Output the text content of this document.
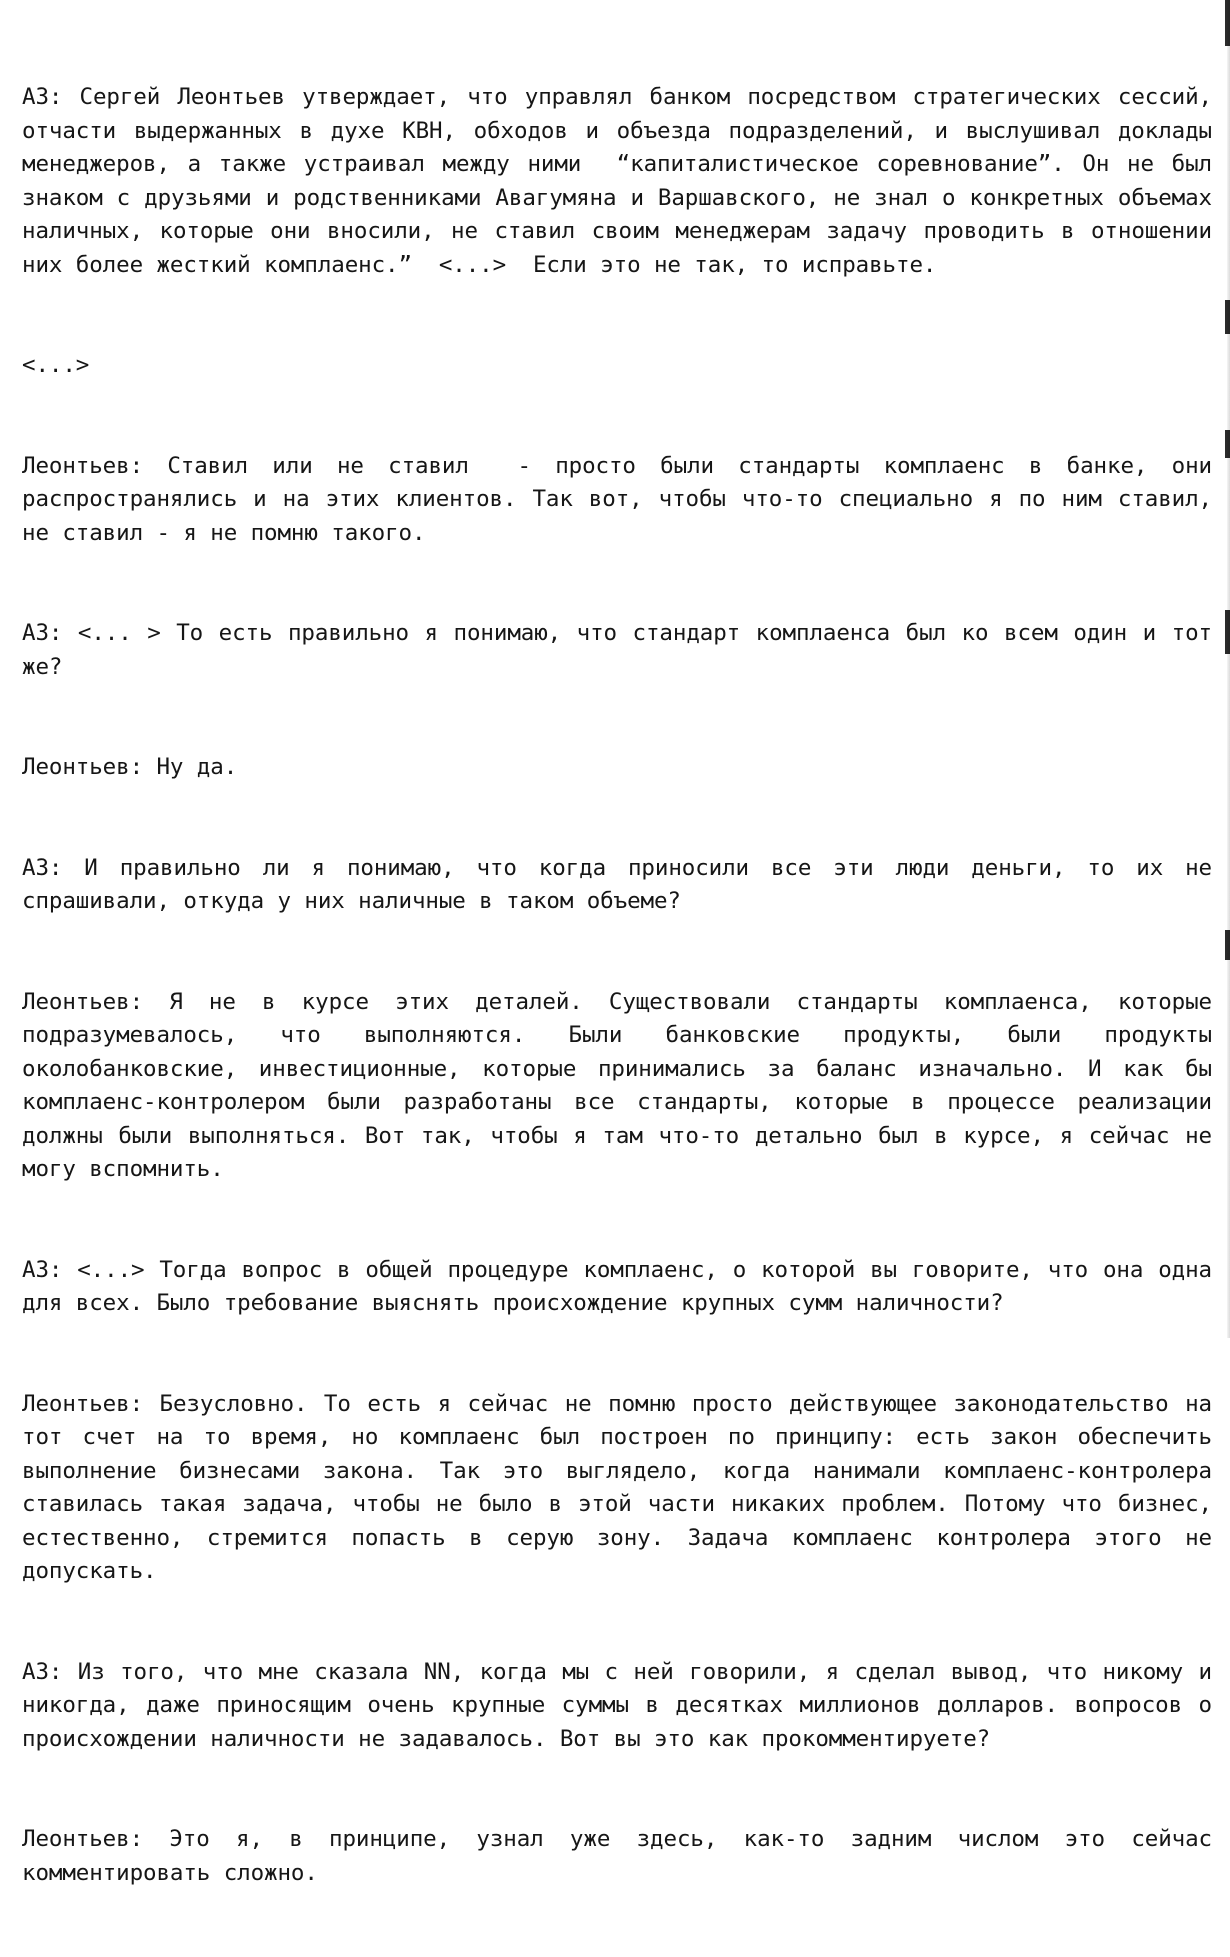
АЗ: Сергей Леонтьев утверждает, что управлял банком посредством стратегических сессий, отчасти выдержанных в духе КВН, обходов и объезда подразделений, и выслушивал доклады менеджеров, а также устраивал между ними  “капиталистическое соревнование”. Он не был знаком с друзьями и родственниками Авагумяна и Варшавского, не знал о конкретных объемах наличных, которые они вносили, не ставил своим менеджерам задачу проводить в отношении них более жесткий комплаенс.”  <...>  Если это не так, то исправьте.

<...>

Леонтьев: Ставил или не ставил  - просто были стандарты комплаенс в банке, они распространялись и на этих клиентов. Так вот, чтобы что-то специально я по ним ставил, не ставил - я не помню такого.

АЗ: <... > То есть правильно я понимаю, что стандарт комплаенса был ко всем один и тот же?

Леонтьев: Ну да.

АЗ: И правильно ли я понимаю, что когда приносили все эти люди деньги, то их не спрашивали, откуда у них наличные в таком объеме?

Леонтьев: Я не в курсе этих деталей. Существовали стандарты комплаенса, которые подразумевалось, что выполняются. Были банковские продукты, были продукты околобанковские, инвестиционные, которые принимались за баланс изначально. И как бы комплаенс-контролером были разработаны все стандарты, которые в процессе реализации должны были выполняться. Вот так, чтобы я там что-то детально был в курсе, я сейчас не могу вспомнить.

АЗ: <...> Тогда вопрос в общей процедуре комплаенс, о которой вы говорите, что она одна для всех. Было требование выяснять происхождение крупных сумм наличности?

Леонтьев: Безусловно. То есть я сейчас не помню просто действующее законодательство на тот счет на то время, но комплаенс был построен по принципу: есть закон обеспечить выполнение бизнесами закона. Так это выглядело, когда нанимали комплаенс-контролера ставилась такая задача, чтобы не было в этой части никаких проблем. Потому что бизнес, естественно, стремится попасть в серую зону. Задача комплаенс контролера этого не допускать.

АЗ: Из того, что мне сказала NN, когда мы с ней говорили, я сделал вывод, что никому и никогда, даже приносящим очень крупные суммы в десятках миллионов долларов. вопросов о происхождении наличности не задавалось. Вот вы это как прокомментируете?

Леонтьев: Это я, в принципе, узнал уже здесь, как-то задним числом это сейчас комментировать сложно.
